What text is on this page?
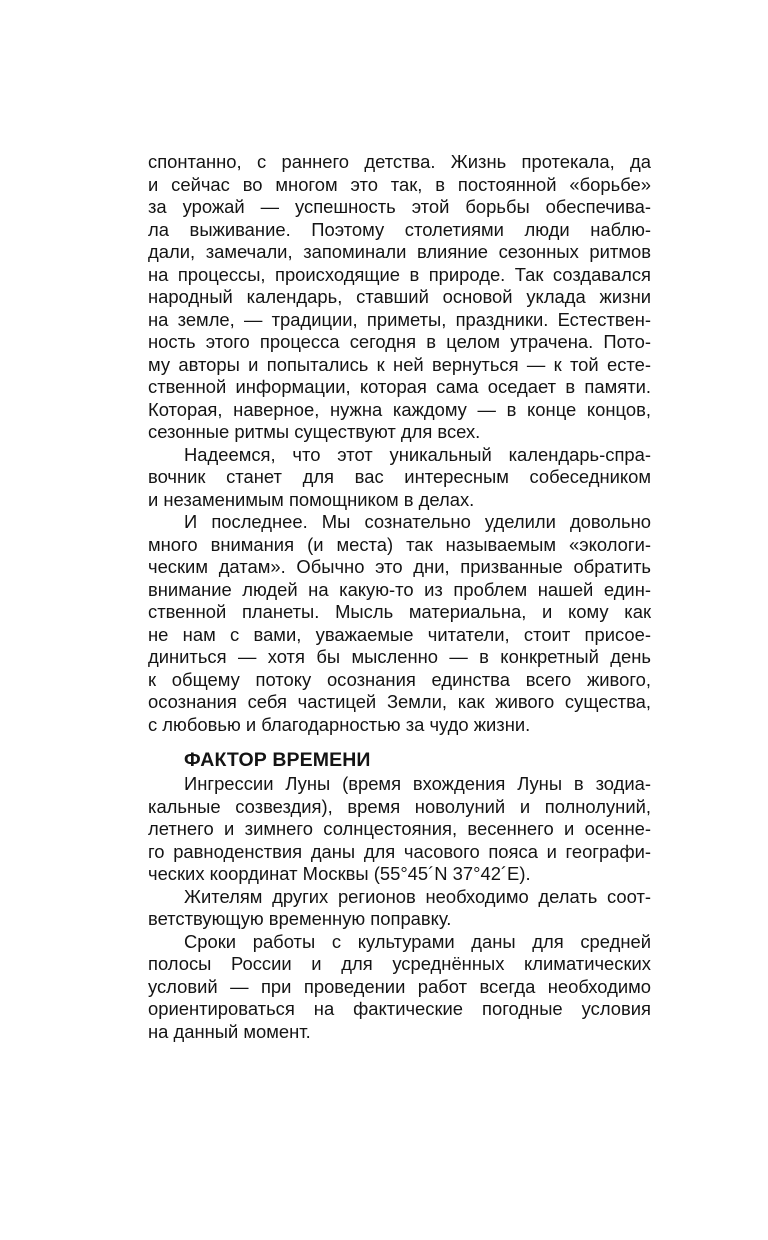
спонтанно, с раннего детства. Жизнь протекала, да
и сейчас во многом это так, в постоянной «борьбе»
за урожай — успешность этой борьбы обеспечива-
ла выживание. Поэтому столетиями люди наблю-
дали, замечали, запоминали влияние сезонных ритмов
на процессы, происходящие в природе. Так создавался
народный календарь, ставший основой уклада жизни
на земле, — традиции, приметы, праздники. Естествен-
ность этого процесса сегодня в целом утрачена. Пото-
му авторы и попытались к ней вернуться — к той есте-
ственной информации, которая сама оседает в памяти.
Которая, наверное, нужна каждому — в конце концов,
сезонные ритмы существуют для всех.
Надеемся, что этот уникальный календарь-спра-
вочник станет для вас интересным собеседником
и незаменимым помощником в делах.
И последнее. Мы сознательно уделили довольно
много внимания (и места) так называемым «экологи-
ческим датам». Обычно это дни, призванные обратить
внимание людей на какую-то из проблем нашей един-
ственной планеты. Мысль материальна, и кому как
не нам с вами, уважаемые читатели, стоит присое-
диниться — хотя бы мысленно — в конкретный день
к общему потоку осознания единства всего живого,
осознания себя частицей Земли, как живого существа,
с любовью и благодарностью за чудо жизни.
ФАКТОР ВРЕМЕНИ
Ингрессии Луны (время вхождения Луны в зодиа-
кальные созвездия), время новолуний и полнолуний,
летнего и зимнего солнцестояния, весеннего и осенне-
го равноденствия даны для часового пояса и географи-
ческих координат Москвы (55°45´N 37°42´E).
Жителям других регионов необходимо делать соот-
ветствующую временную поправку.
Сроки работы с культурами даны для средней
полосы России и для усреднённых климатических
условий — при проведении работ всегда необходимо
ориентироваться на фактические погодные условия
на данный момент.
